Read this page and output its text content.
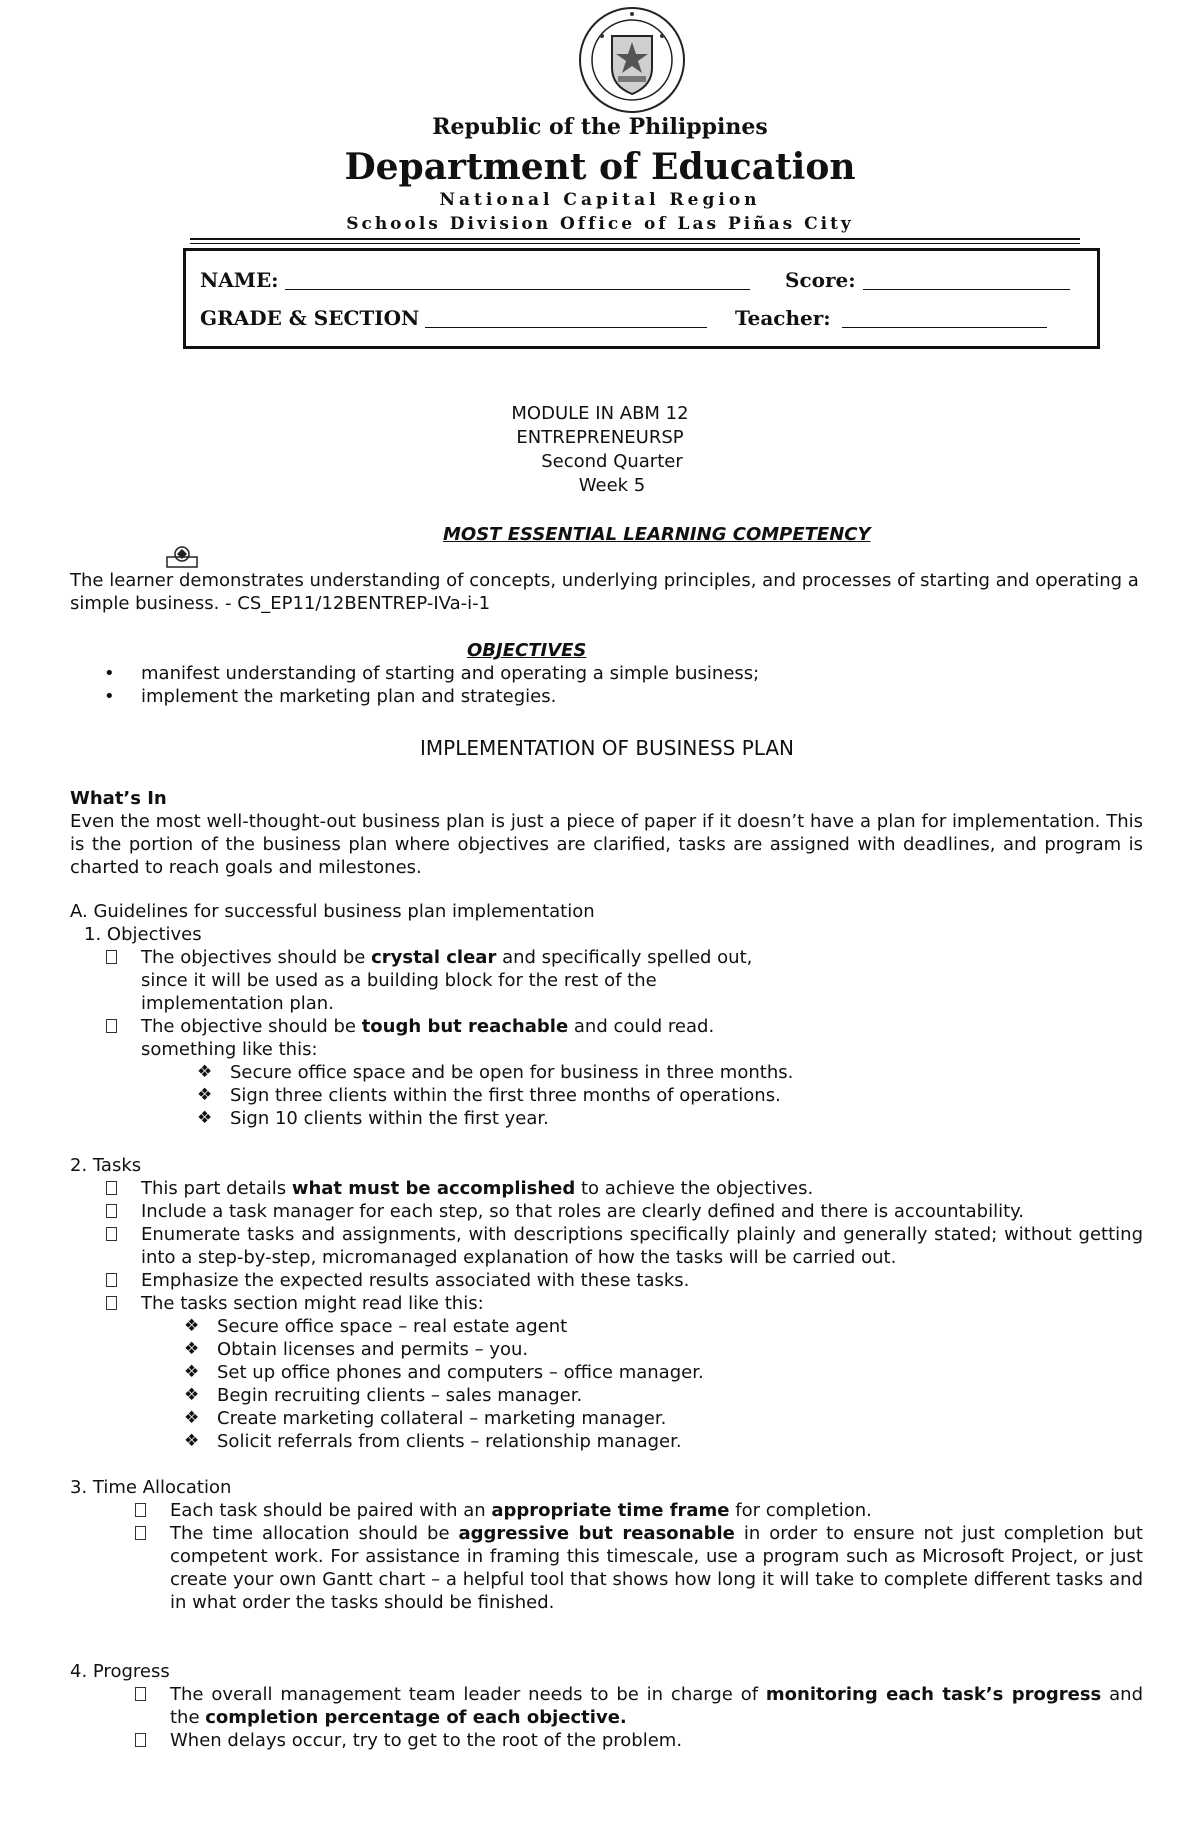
Republic of the Philippines
Department of Education
National Capital Region
Schools Division Office of Las Piñas City
NAME:	Score:
GRADE & SECTION	Teacher:
MODULE IN ABM 12
ENTREPRENEURSP
Second Quarter
Week 5
MOST ESSENTIAL LEARNING COMPETENCY
The learner demonstrates understanding of concepts, underlying principles, and processes of starting and operating a simple business. - CS_EP11/12BENTREP-IVa-i-1
OBJECTIVES
• manifest understanding of starting and operating a simple business;
• implement the marketing plan and strategies.
IMPLEMENTATION OF BUSINESS PLAN
What’s In
Even the most well-thought-out business plan is just a piece of paper if it doesn’t have a plan for implementation. This is the portion of the business plan where objectives are clarified, tasks are assigned with deadlines, and program is charted to reach goals and milestones.
A. Guidelines for successful business plan implementation
1. Objectives
The objectives should be crystal clear and specifically spelled out,
since it will be used as a building block for the rest of the
implementation plan.
The objective should be tough but reachable and could read.
something like this:
❖ Secure office space and be open for business in three months.
❖ Sign three clients within the first three months of operations.
❖ Sign 10 clients within the first year.
2. Tasks
This part details what must be accomplished to achieve the objectives.
Include a task manager for each step, so that roles are clearly defined and there is accountability.
Enumerate tasks and assignments, with descriptions specifically plainly and generally stated; without getting into a step-by-step, micromanaged explanation of how the tasks will be carried out.
Emphasize the expected results associated with these tasks.
The tasks section might read like this:
❖ Secure office space – real estate agent
❖ Obtain licenses and permits – you.
❖ Set up office phones and computers – office manager.
❖ Begin recruiting clients – sales manager.
❖ Create marketing collateral – marketing manager.
❖ Solicit referrals from clients – relationship manager.
3. Time Allocation
Each task should be paired with an appropriate time frame for completion.
The time allocation should be aggressive but reasonable in order to ensure not just completion but competent work. For assistance in framing this timescale, use a program such as Microsoft Project, or just create your own Gantt chart – a helpful tool that shows how long it will take to complete different tasks and in what order the tasks should be finished.
4. Progress
The overall management team leader needs to be in charge of monitoring each task’s progress and the completion percentage of each objective.
When delays occur, try to get to the root of the problem.
